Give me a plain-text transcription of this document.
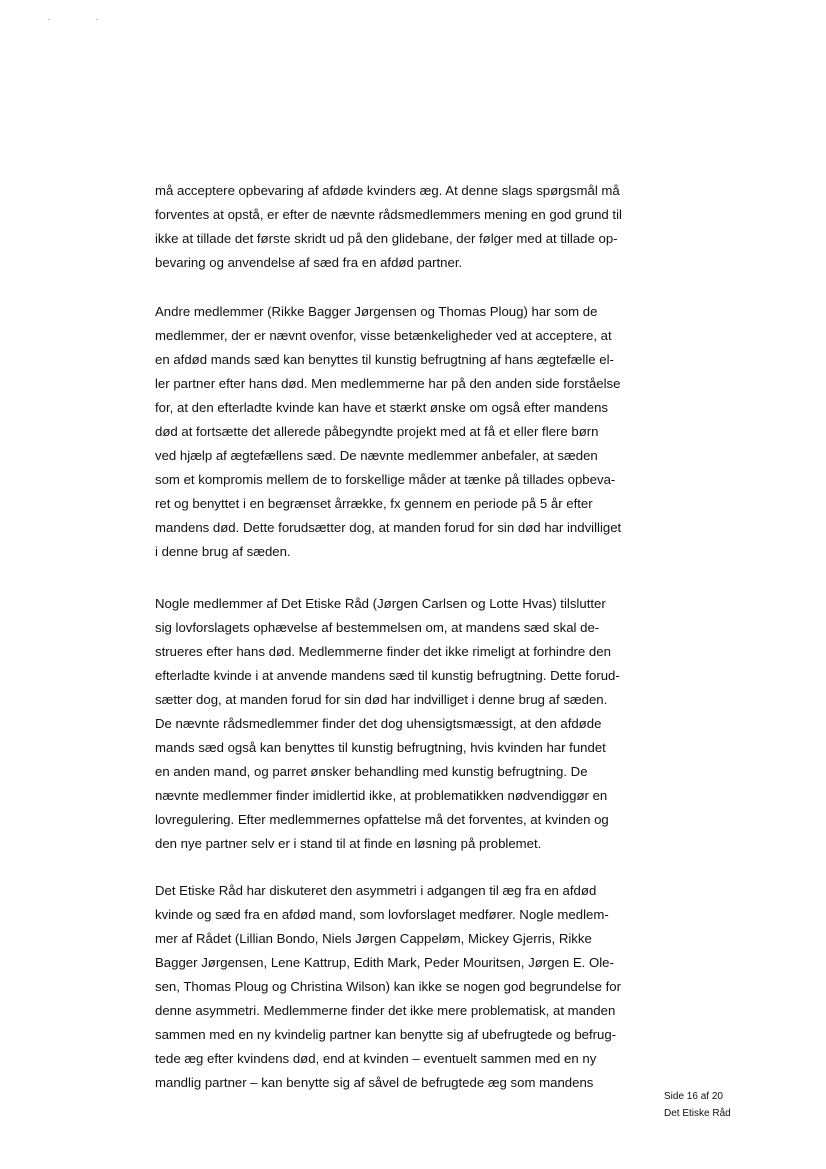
må acceptere opbevaring af afdøde kvinders æg. At denne slags spørgsmål må
forventes at opstå, er efter de nævnte rådsmedlemmers mening en god grund til
ikke at tillade det første skridt ud på den glidebane, der følger med at tillade op-
bevaring og anvendelse af sæd fra en afdød partner.

Andre medlemmer (Rikke Bagger Jørgensen og Thomas Ploug) har som de
medlemmer, der er nævnt ovenfor, visse betænkeligheder ved at acceptere, at
en afdød mands sæd kan benyttes til kunstig befrugtning af hans ægtefælle el-
ler partner efter hans død. Men medlemmerne har på den anden side forståelse
for, at den efterladte kvinde kan have et stærkt ønske om også efter mandens
død at fortsætte det allerede påbegyndte projekt med at få et eller flere børn
ved hjælp af ægtefællens sæd. De nævnte medlemmer anbefaler, at sæden
som et kompromis mellem de to forskellige måder at tænke på tillades opbeva-
ret og benyttet i en begrænset årrække, fx gennem en periode på 5 år efter
mandens død. Dette forudsætter dog, at manden forud for sin død har indvilliget
i denne brug af sæden.

Nogle medlemmer af Det Etiske Råd (Jørgen Carlsen og Lotte Hvas) tilslutter
sig lovforslagets ophævelse af bestemmelsen om, at mandens sæd skal de-
strueres efter hans død. Medlemmerne finder det ikke rimeligt at forhindre den
efterladte kvinde i at anvende mandens sæd til kunstig befrugtning. Dette forud-
sætter dog, at manden forud for sin død har indvilliget i denne brug af sæden.
De nævnte rådsmedlemmer finder det dog uhensigtsmæssigt, at den afdøde
mands sæd også kan benyttes til kunstig befrugtning, hvis kvinden har fundet
en anden mand, og parret ønsker behandling med kunstig befrugtning. De
nævnte medlemmer finder imidlertid ikke, at problematikken nødvendiggør en
lovregulering. Efter medlemmernes opfattelse må det forventes, at kvinden og
den nye partner selv er i stand til at finde en løsning på problemet.

Det Etiske Råd har diskuteret den asymmetri i adgangen til æg fra en afdød
kvinde og sæd fra en afdød mand, som lovforslaget medfører. Nogle medlem-
mer af Rådet (Lillian Bondo, Niels Jørgen Cappeløm, Mickey Gjerris, Rikke
Bagger Jørgensen, Lene Kattrup, Edith Mark, Peder Mouritsen, Jørgen E. Ole-
sen, Thomas Ploug og Christina Wilson) kan ikke se nogen god begrundelse for
denne asymmetri. Medlemmerne finder det ikke mere problematisk, at manden
sammen med en ny kvindelig partner kan benytte sig af ubefrugtede og befrug-
tede æg efter kvindens død, end at kvinden – eventuelt sammen med en ny
mandlig partner – kan benytte sig af såvel de befrugtede æg som mandens

Side 16 af 20
Det Etiske Råd
